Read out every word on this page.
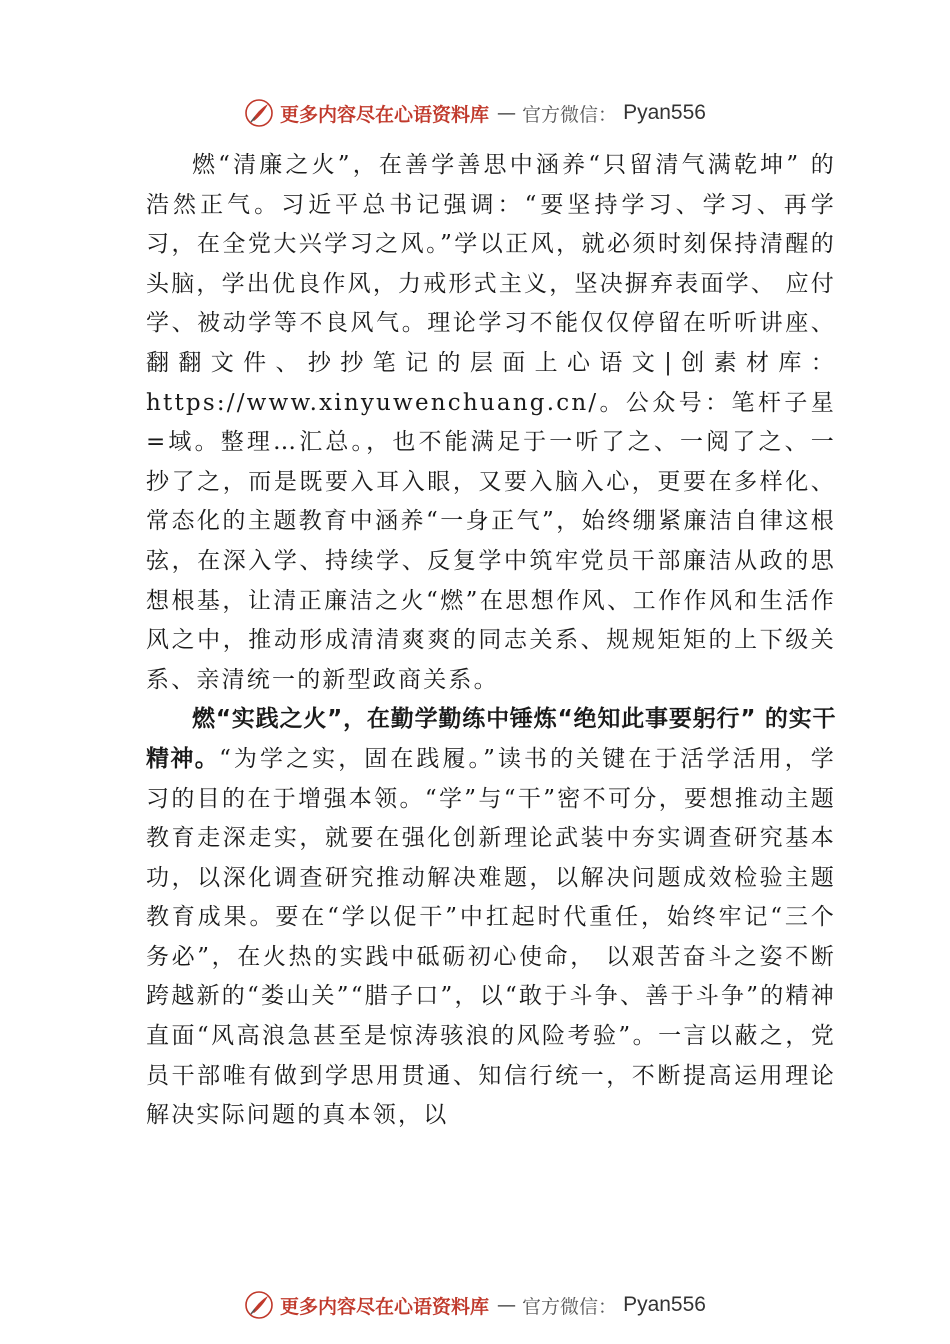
更多内容尽在心语资料库 — 官方微信： Pyan556

燃“清廉之火”，在善学善思中涵养“只留清气满乾坤” 的浩然正气。习近平总书记强调：“要坚持学习、学习、再学习，在全党大兴学习之风。”学以正风，就必须时刻保持清醒的头脑，学出优良作风，力戒形式主义，坚决摒弃表面学、 应付学、被动学等不良风气。理论学习不能仅仅停留在听听讲座、翻翻文件、抄抄笔记的层面上心语文|创素材库：https://www.xinyuwenchuang.cn/。公众号：笔杆子星=域。整理…汇总。，也不能满足于一听了之、一阅了之、一抄了之，而是既要入耳入眼，又要入脑入心，更要在多样化、常态化的主题教育中涵养“一身正气”，始终绷紧廉洁自律这根弦，在深入学、持续学、反复学中筑牢党员干部廉洁从政的思想根基，让清正廉洁之火“燃”在思想作风、工作作风和生活作风之中，推动形成清清爽爽的同志关系、规规矩矩的上下级关系、亲清统一的新型政商关系。

燃“实践之火”，在勤学勤练中锤炼“绝知此事要躬行” 的实干精神。“为学之实，固在践履。”读书的关键在于活学活用，学习的目的在于增强本领。“学”与“干”密不可分，要想推动主题教育走深走实，就要在强化创新理论武装中夯实调查研究基本功，以深化调查研究推动解决难题，以解决问题成效检验主题教育成果。要在“学以促干”中扛起时代重任，始终牢记“三个务必”，在火热的实践中砥砺初心使命， 以艰苦奋斗之姿不断跨越新的“娄山关”“腊子口”，以“敢于斗争、善于斗争”的精神直面“风高浪急甚至是惊涛骇浪的风险考验”。一言以蔽之，党员干部唯有做到学思用贯通、知信行统一，不断提高运用理论解决实际问题的真本领，以

更多内容尽在心语资料库 — 官方微信： Pyan556
